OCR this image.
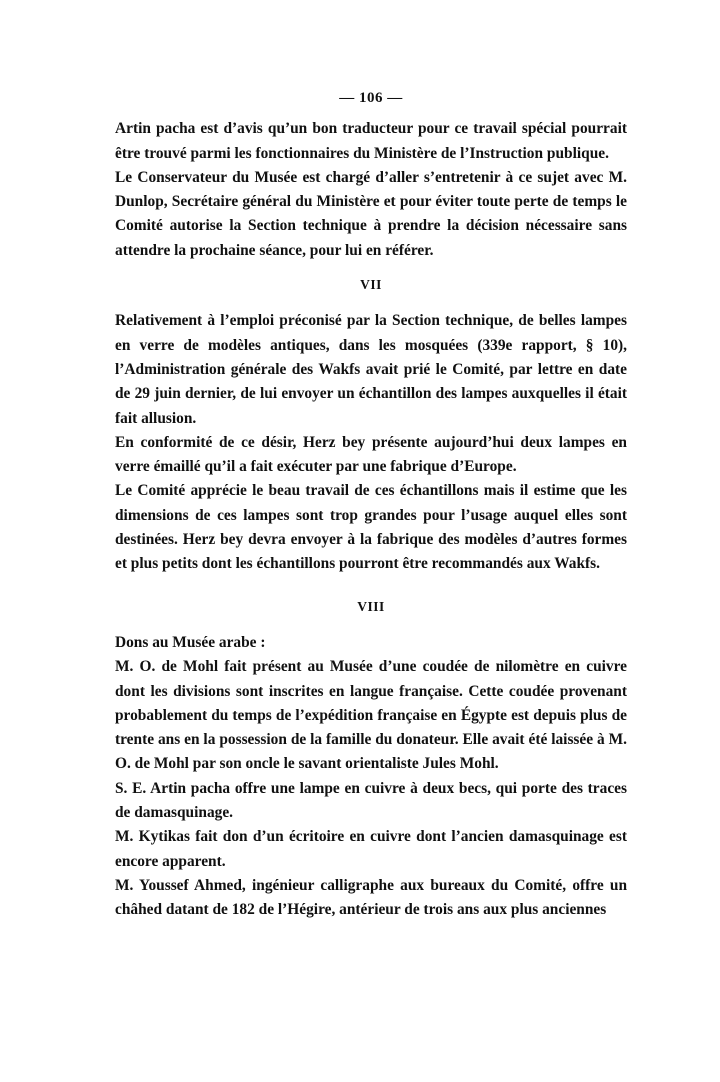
— 106 —

Artin pacha est d’avis qu’un bon traducteur pour ce travail spécial pourrait être trouvé parmi les fonctionnaires du Ministère de l’Instruction publique.

Le Conservateur du Musée est chargé d’aller s’entretenir à ce sujet avec M. Dunlop, Secrétaire général du Ministère et pour éviter toute perte de temps le Comité autorise la Section technique à prendre la décision nécessaire sans attendre la prochaine séance, pour lui en référer.

VII

Relativement à l’emploi préconisé par la Section technique, de belles lampes en verre de modèles antiques, dans les mosquées (339e rapport, § 10), l’Administration générale des Wakfs avait prié le Comité, par lettre en date de 29 juin dernier, de lui envoyer un échantillon des lampes auxquelles il était fait allusion.

En conformité de ce désir, Herz bey présente aujourd’hui deux lampes en verre émaillé qu’il a fait exécuter par une fabrique d’Europe.

Le Comité apprécie le beau travail de ces échantillons mais il estime que les dimensions de ces lampes sont trop grandes pour l’usage auquel elles sont destinées. Herz bey devra envoyer à la fabrique des modèles d’autres formes et plus petits dont les échantillons pourront être recommandés aux Wakfs.

VIII

Dons au Musée arabe :

M. O. de Mohl fait présent au Musée d’une coudée de nilomètre en cuivre dont les divisions sont inscrites en langue française. Cette coudée provenant probablement du temps de l’expédition française en Égypte est depuis plus de trente ans en la possession de la famille du donateur. Elle avait été laissée à M. O. de Mohl par son oncle le savant orientaliste Jules Mohl.

S. E. Artin pacha offre une lampe en cuivre à deux becs, qui porte des traces de damasquinage.

M. Kytikas fait don d’un écritoire en cuivre dont l’ancien damasquinage est encore apparent.

M. Youssef Ahmed, ingénieur calligraphe aux bureaux du Comité, offre un châhed datant de 182 de l’Hégire, antérieur de trois ans aux plus anciennes
